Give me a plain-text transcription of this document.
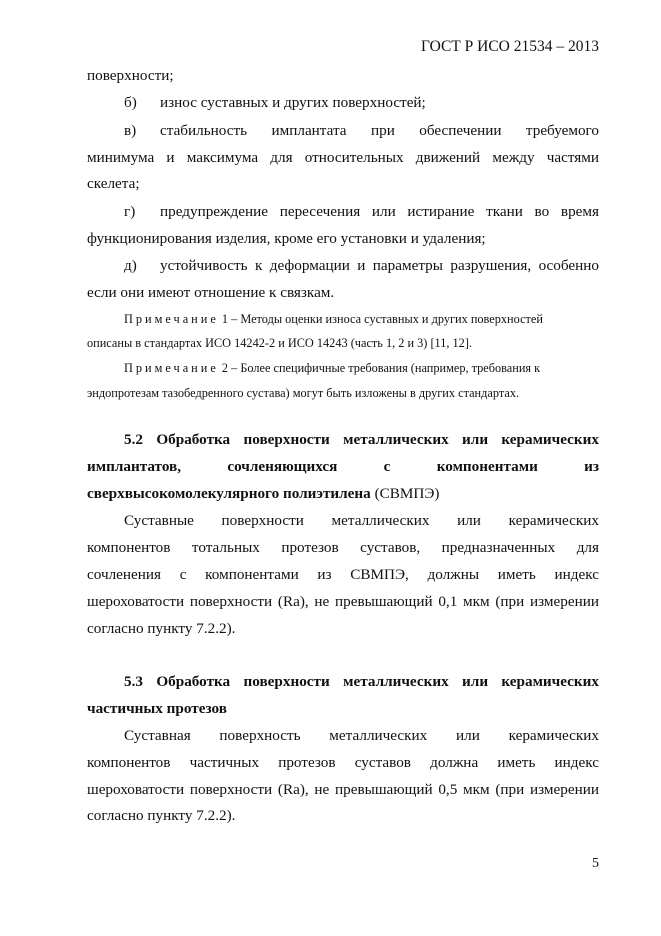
ГОСТ Р ИСО 21534 – 2013
поверхности;
б) износ суставных и других поверхностей;
в) стабильность имплантата при обеспечении требуемого
минимума и максимума для относительных движений между частями
скелета;
г) предупреждение пересечения или истирание ткани во время
функционирования изделия, кроме его установки и удаления;
д) устойчивость к деформации и параметры разрушения, особенно
если они имеют отношение к связкам.
Примечание 1 – Методы оценки износа суставных и других поверхностей
описаны в стандартах ИСО 14242-2 и ИСО 14243 (часть 1, 2 и 3) [11, 12].
Примечание 2 – Более специфичные требования (например, требования к
эндопротезам тазобедренного сустава) могут быть изложены в других стандартах.
5.2 Обработка поверхности металлических или керамических
имплантатов, сочленяющихся с компонентами из
сверхвысокомолекулярного полиэтилена (СВМПЭ)
Суставные поверхности металлических или керамических
компонентов тотальных протезов суставов, предназначенных для
сочленения с компонентами из СВМПЭ, должны иметь индекс
шероховатости поверхности (Ra), не превышающий 0,1 мкм (при измерении
согласно пункту 7.2.2).
5.3 Обработка поверхности металлических или керамических
частичных протезов
Суставная поверхность металлических или керамических
компонентов частичных протезов суставов должна иметь индекс
шероховатости поверхности (Ra), не превышающий 0,5 мкм (при измерении
согласно пункту 7.2.2).
5
